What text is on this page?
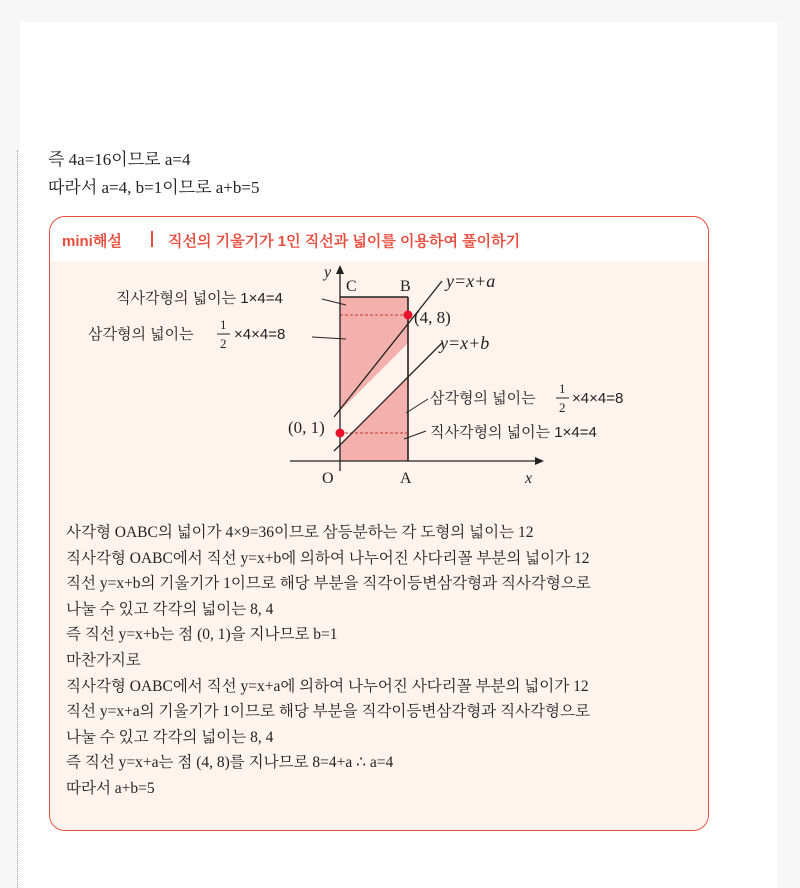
즉 4a=16이므로 a=4
따라서 a=4, b=1이므로 a+b=5
mini해설	직선의 기울기가 1인 직선과 넓이를 이용하여 풀이하기
y
x
O	A
B
C	y=x+a
y=x+b
(4, 8)
(0, 1)
직사각형의 넓이는 1×4=4
삼각형의 넓이는
1
2
×4×4=8
삼각형의 넓이는
1
2
×4×4=8
직사각형의 넓이는 1×4=4
사각형 OABC의 넓이가 4×9=36이므로 삼등분하는 각 도형의 넓이는 12
직사각형 OABC에서 직선 y=x+b에 의하여 나누어진 사다리꼴 부분의 넓이가 12
직선 y=x+b의 기울기가 1이므로 해당 부분을 직각이등변삼각형과 직사각형으로
나눌 수 있고 각각의 넓이는 8, 4
즉 직선 y=x+b는 점 (0, 1)을 지나므로 b=1
마찬가지로
직사각형 OABC에서 직선 y=x+a에 의하여 나누어진 사다리꼴 부분의 넓이가 12
직선 y=x+a의 기울기가 1이므로 해당 부분을 직각이등변삼각형과 직사각형으로
나눌 수 있고 각각의 넓이는 8, 4
즉 직선 y=x+a는 점 (4, 8)를 지나므로 8=4+a ∴ a=4
따라서 a+b=5
